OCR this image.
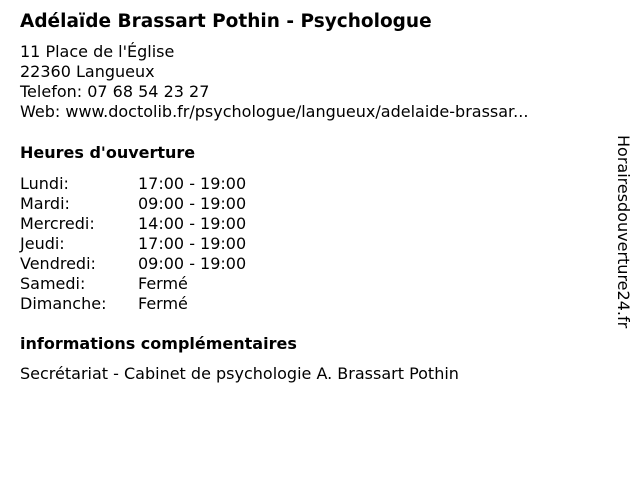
Adélaïde Brassart Pothin - Psychologue
11 Place de l'Église
22360 Langueux
Telefon: 07 68 54 23 27
Web: www.doctolib.fr/psychologue/langueux/adelaide-brassar...
Heures d'ouverture
Lundi:	17:00 - 19:00
Mardi:	09:00 - 19:00
Mercredi:	14:00 - 19:00
Jeudi:	17:00 - 19:00
Vendredi:	09:00 - 19:00
Samedi:	Fermé
Dimanche:	Fermé
informations complémentaires
Secrétariat - Cabinet de psychologie A. Brassart Pothin
Horairesdouverture24.fr
